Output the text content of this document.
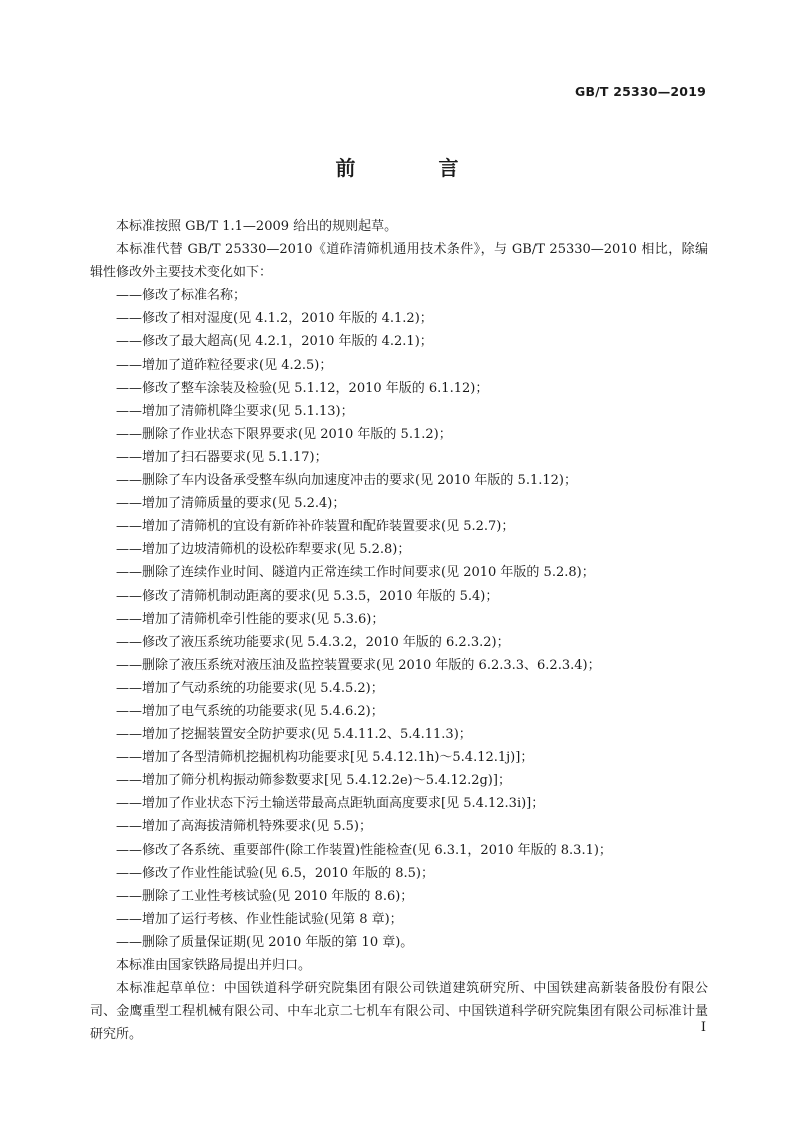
GB/T 25330—2019
前 言

本标准按照 GB/T 1.1—2009 给出的规则起草。

本标准代替 GB/T 25330—2010《道砟清筛机通用技术条件》，与 GB/T 25330—2010 相比，除编辑性修改外主要技术变化如下：

——修改了标准名称；
——修改了相对湿度(见 4.1.2，2010 年版的 4.1.2)；
——修改了最大超高(见 4.2.1，2010 年版的 4.2.1)；
——增加了道砟粒径要求(见 4.2.5)；
——修改了整车涂装及检验(见 5.1.12，2010 年版的 6.1.12)；
——增加了清筛机降尘要求(见 5.1.13)；
——删除了作业状态下限界要求(见 2010 年版的 5.1.2)；
——增加了扫石器要求(见 5.1.17)；
——删除了车内设备承受整车纵向加速度冲击的要求(见 2010 年版的 5.1.12)；
——增加了清筛质量的要求(见 5.2.4)；
——增加了清筛机的宜设有新砟补砟装置和配砟装置要求(见 5.2.7)；
——增加了边坡清筛机的设松砟犁要求(见 5.2.8)；
——删除了连续作业时间、隧道内正常连续工作时间要求(见 2010 年版的 5.2.8)；
——修改了清筛机制动距离的要求(见 5.3.5，2010 年版的 5.4)；
——增加了清筛机牵引性能的要求(见 5.3.6)；
——修改了液压系统功能要求(见 5.4.3.2，2010 年版的 6.2.3.2)；
——删除了液压系统对液压油及监控装置要求(见 2010 年版的 6.2.3.3、6.2.3.4)；
——增加了气动系统的功能要求(见 5.4.5.2)；
——增加了电气系统的功能要求(见 5.4.6.2)；
——增加了挖掘装置安全防护要求(见 5.4.11.2、5.4.11.3)；
——增加了各型清筛机挖掘机构功能要求[见 5.4.12.1h)～5.4.12.1j)]；
——增加了筛分机构振动筛参数要求[见 5.4.12.2e)～5.4.12.2g)]；
——增加了作业状态下污土输送带最高点距轨面高度要求[见 5.4.12.3i)]；
——增加了高海拔清筛机特殊要求(见 5.5)；
——修改了各系统、重要部件(除工作装置)性能检查(见 6.3.1，2010 年版的 8.3.1)；
——修改了作业性能试验(见 6.5，2010 年版的 8.5)；
——删除了工业性考核试验(见 2010 年版的 8.6)；
——增加了运行考核、作业性能试验(见第 8 章)；
——删除了质量保证期(见 2010 年版的第 10 章)。

本标准由国家铁路局提出并归口。

本标准起草单位：中国铁道科学研究院集团有限公司铁道建筑研究所、中国铁建高新装备股份有限公司、金鹰重型工程机械有限公司、中车北京二七机车有限公司、中国铁道科学研究院集团有限公司标准计量研究所。	I
